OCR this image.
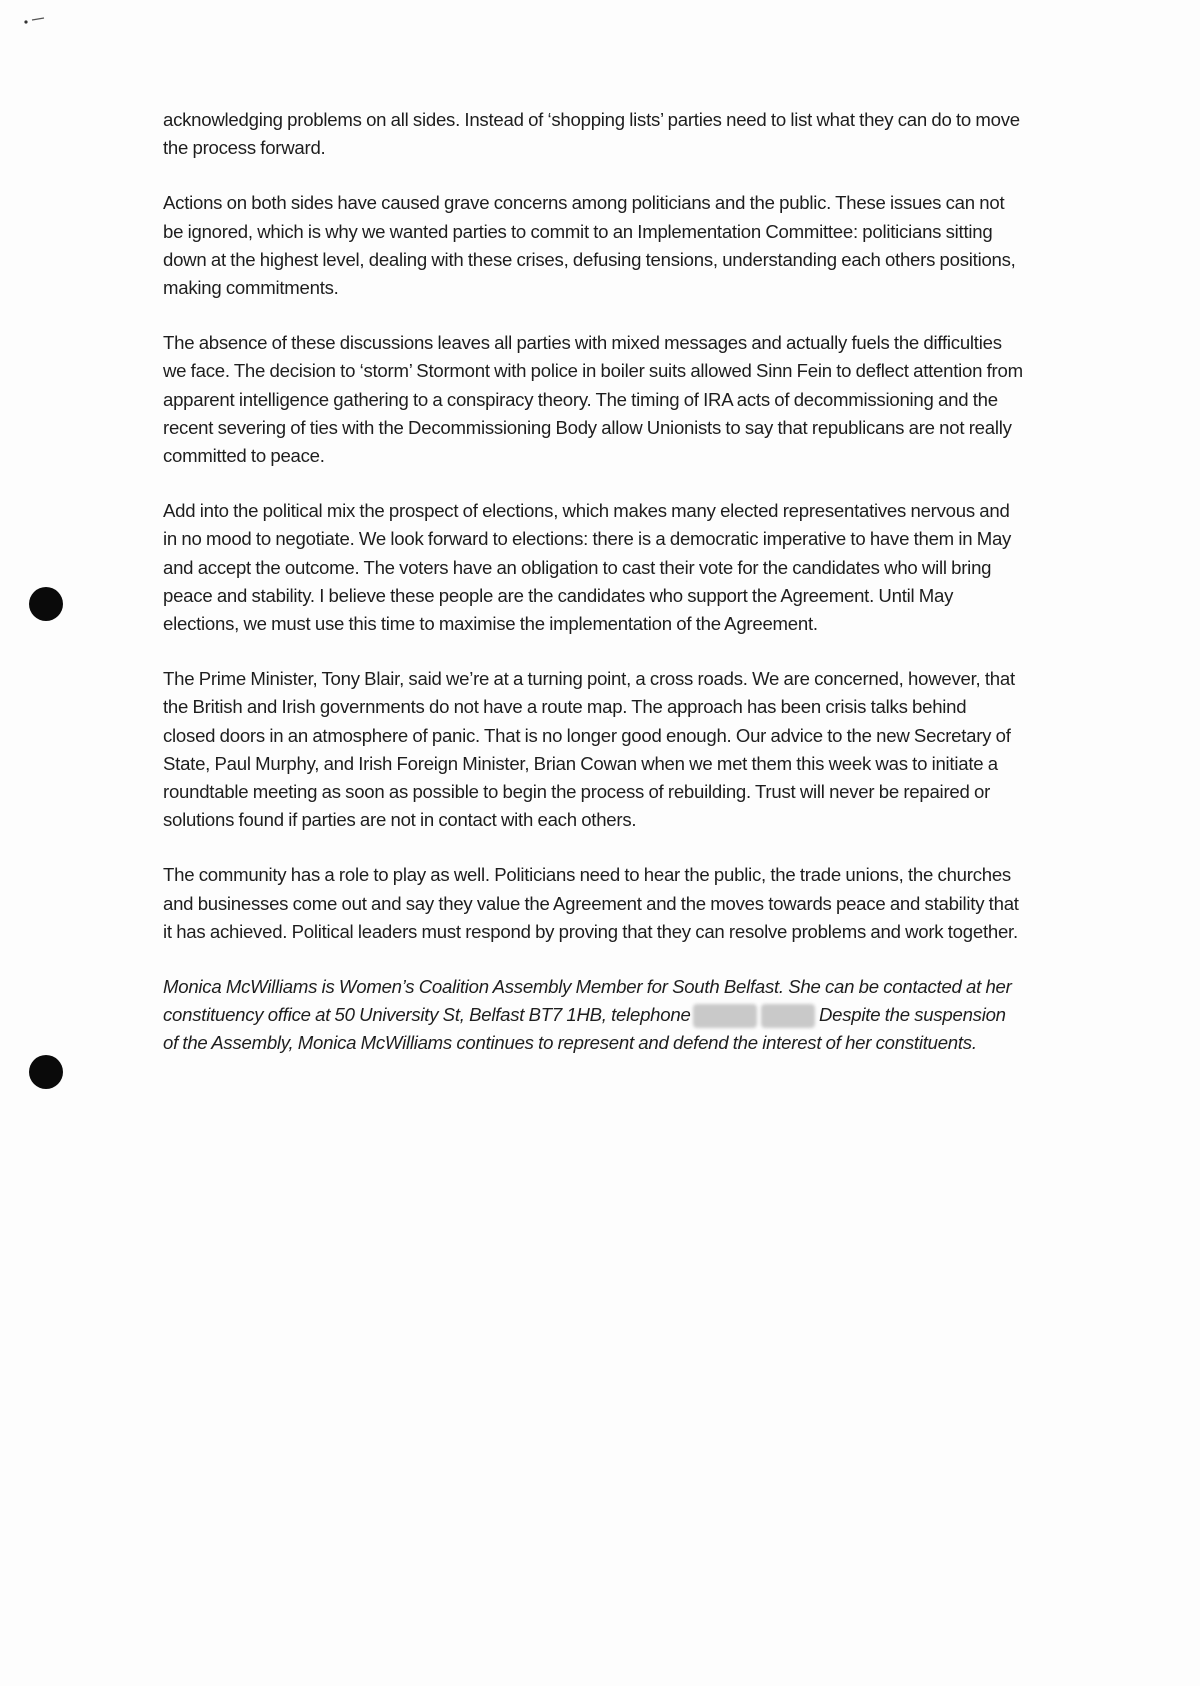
acknowledging problems on all sides. Instead of ‘shopping lists’ parties need to list what they can do to move the process forward.

Actions on both sides have caused grave concerns among politicians and the public. These issues can not be ignored, which is why we wanted parties to commit to an Implementation Committee: politicians sitting down at the highest level, dealing with these crises, defusing tensions, understanding each others positions, making commitments.

The absence of these discussions leaves all parties with mixed messages and actually fuels the difficulties we face. The decision to ‘storm’ Stormont with police in boiler suits allowed Sinn Fein to deflect attention from apparent intelligence gathering to a conspiracy theory. The timing of IRA acts of decommissioning and the recent severing of ties with the Decommissioning Body allow Unionists to say that republicans are not really committed to peace.

Add into the political mix the prospect of elections, which makes many elected representatives nervous and in no mood to negotiate. We look forward to elections: there is a democratic imperative to have them in May and accept the outcome. The voters have an obligation to cast their vote for the candidates who will bring peace and stability. I believe these people are the candidates who support the Agreement. Until May elections, we must use this time to maximise the implementation of the Agreement.

The Prime Minister, Tony Blair, said we’re at a turning point, a cross roads. We are concerned, however, that the British and Irish governments do not have a route map. The approach has been crisis talks behind closed doors in an atmosphere of panic. That is no longer good enough. Our advice to the new Secretary of State, Paul Murphy, and Irish Foreign Minister, Brian Cowan when we met them this week was to initiate a roundtable meeting as soon as possible to begin the process of rebuilding. Trust will never be repaired or solutions found if parties are not in contact with each others.

The community has a role to play as well. Politicians need to hear the public, the trade unions, the churches and businesses come out and say they value the Agreement and the moves towards peace and stability that it has achieved. Political leaders must respond by proving that they can resolve problems and work together.

Monica McWilliams is Women’s Coalition Assembly Member for South Belfast. She can be contacted at her constituency office at 50 University St, Belfast BT7 1HB, telephone	Despite the suspension of the Assembly, Monica McWilliams continues to represent and defend the interest of her constituents.
